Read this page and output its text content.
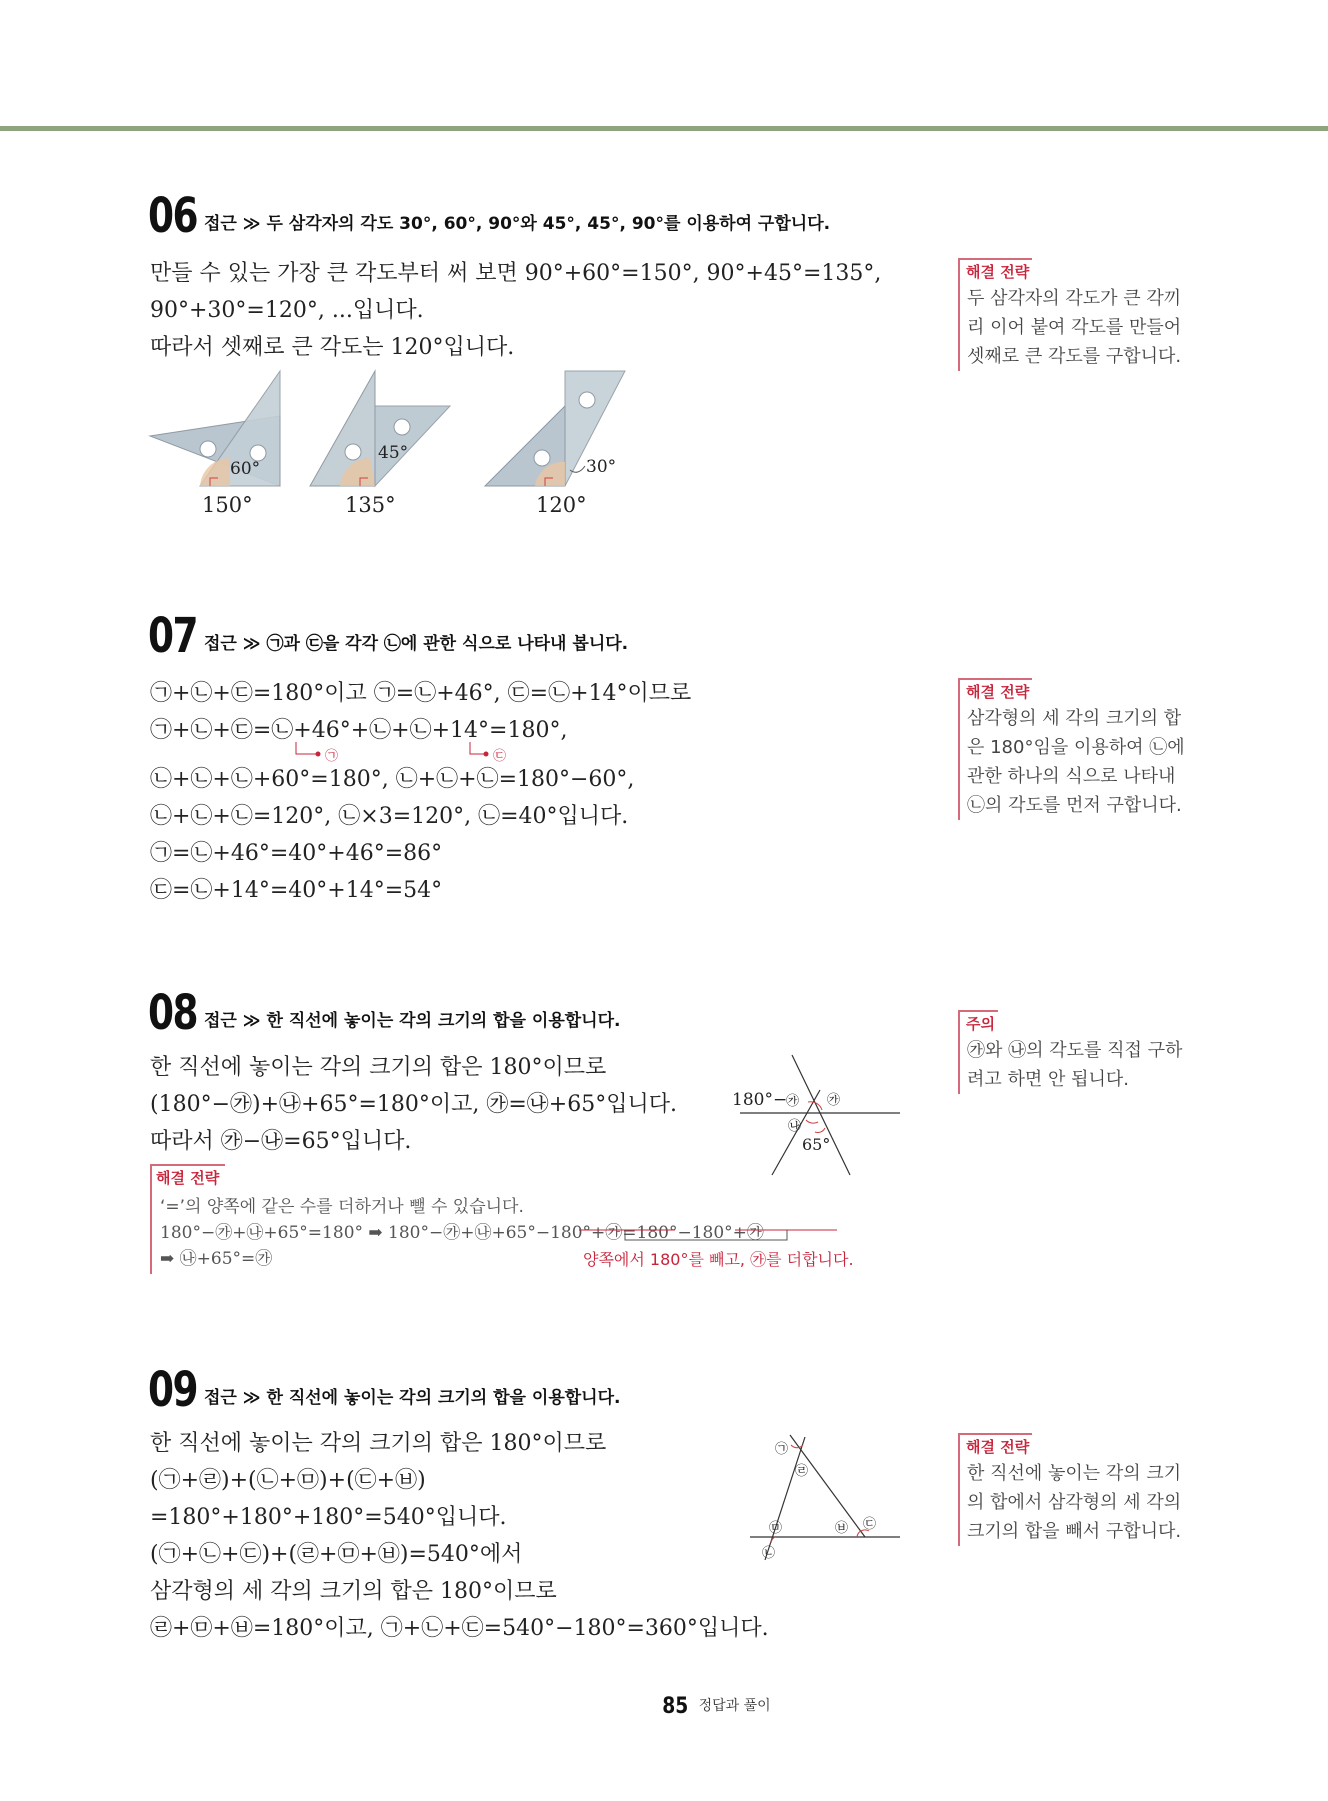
06 접근 ≫ 두 삼각자의 각도 30°, 60°, 90°와 45°, 45°, 90°를 이용하여 구합니다.
만들 수 있는 가장 큰 각도부터 써 보면 90°+60°=150°, 90°+45°=135°,
90°+30°=120°, ...입니다.
따라서 셋째로 큰 각도는 120°입니다.
60°
150°
45°
135°
30°
120°
해결 전략
두 삼각자의 각도가 큰 각끼
리 이어 붙여 각도를 만들어
셋째로 큰 각도를 구합니다.
07 접근 ≫ ㉠과 ㉢을 각각 ㉡에 관한 식으로 나타내 봅니다.
㉠+㉡+㉢=180°이고 ㉠=㉡+46°, ㉢=㉡+14°이므로
㉠+㉡+㉢=㉡+46°+㉡+㉡+14°=180°,
㉠	㉢
㉡+㉡+㉡+60°=180°, ㉡+㉡+㉡=180°−60°,
㉡+㉡+㉡=120°, ㉡×3=120°, ㉡=40°입니다.
㉠=㉡+46°=40°+46°=86°
㉢=㉡+14°=40°+14°=54°
해결 전략
삼각형의 세 각의 크기의 합
은 180°임을 이용하여 ㉡에
관한 하나의 식으로 나타내
㉡의 각도를 먼저 구합니다.
08 접근 ≫ 한 직선에 놓이는 각의 크기의 합을 이용합니다.
한 직선에 놓이는 각의 크기의 합은 180°이므로
(180°−㉮)+㉯+65°=180°이고, ㉮=㉯+65°입니다.
따라서 ㉮−㉯=65°입니다.
180°−
㉮ ㉮
㉯
65°
해결 전략
‘=’의 양쪽에 같은 수를 더하거나 뺄 수 있습니다.
180°−㉮+㉯+65°=180° ➡ 180°−㉮+㉯+65°−180°+㉮=180°−180°+㉮
➡ ㉯+65°=㉮	양쪽에서 180°를 빼고, ㉮를 더합니다.
주의
㉮와 ㉯의 각도를 직접 구하
려고 하면 안 됩니다.
09 접근 ≫ 한 직선에 놓이는 각의 크기의 합을 이용합니다.
한 직선에 놓이는 각의 크기의 합은 180°이므로
(㉠+㉣)+(㉡+㉤)+(㉢+㉥)
=180°+180°+180°=540°입니다.
(㉠+㉡+㉢)+(㉣+㉤+㉥)=540°에서
삼각형의 세 각의 크기의 합은 180°이므로
㉣+㉤+㉥=180°이고, ㉠+㉡+㉢=540°−180°=360°입니다.
㉠
㉣
㉤
㉡
㉥ ㉢
해결 전략
한 직선에 놓이는 각의 크기
의 합에서 삼각형의 세 각의
크기의 합을 빼서 구합니다.
85 정답과 풀이
